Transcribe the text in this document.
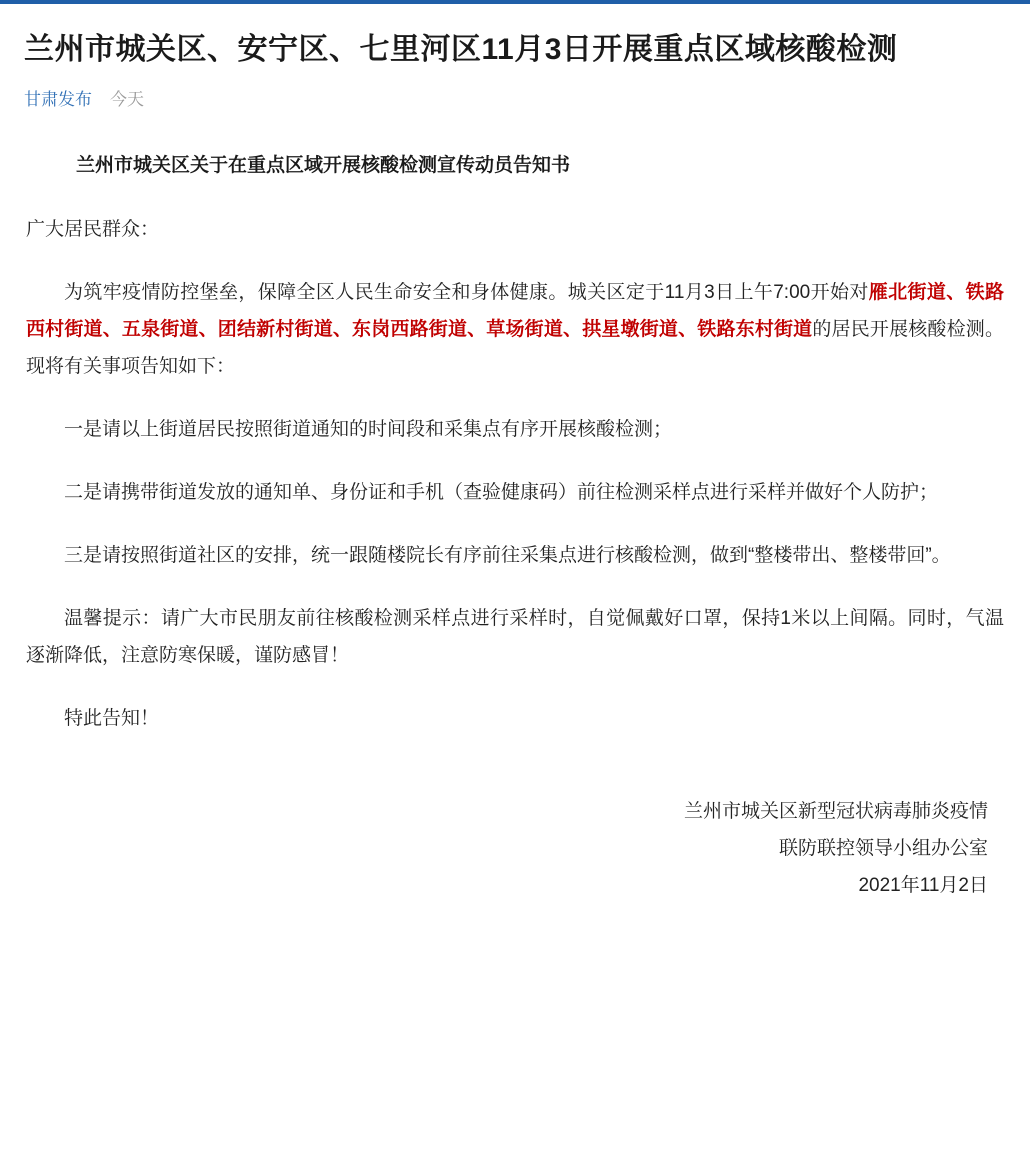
兰州市城关区、安宁区、七里河区11月3日开展重点区域核酸检测
甘肃发布 今天
兰州市城关区关于在重点区域开展核酸检测宣传动员告知书

广大居民群众：

为筑牢疫情防控堡垒，保障全区人民生命安全和身体健康。城关区定于11月3日上午7:00开始对雁北街道、铁路西村街道、五泉街道、团结新村街道、东岗西路街道、草场街道、拱星墩街道、铁路东村街道的居民开展核酸检测。现将有关事项告知如下：

一是请以上街道居民按照街道通知的时间段和采集点有序开展核酸检测；

二是请携带街道发放的通知单、身份证和手机（查验健康码）前往检测采样点进行采样并做好个人防护；

三是请按照街道社区的安排，统一跟随楼院长有序前往采集点进行核酸检测，做到“整楼带出、整楼带回”。

温馨提示：请广大市民朋友前往核酸检测采样点进行采样时，自觉佩戴好口罩，保持1米以上间隔。同时，气温逐渐降低，注意防寒保暖，谨防感冒！

特此告知！

兰州市城关区新型冠状病毒肺炎疫情
联防联控领导小组办公室
2021年11月2日
